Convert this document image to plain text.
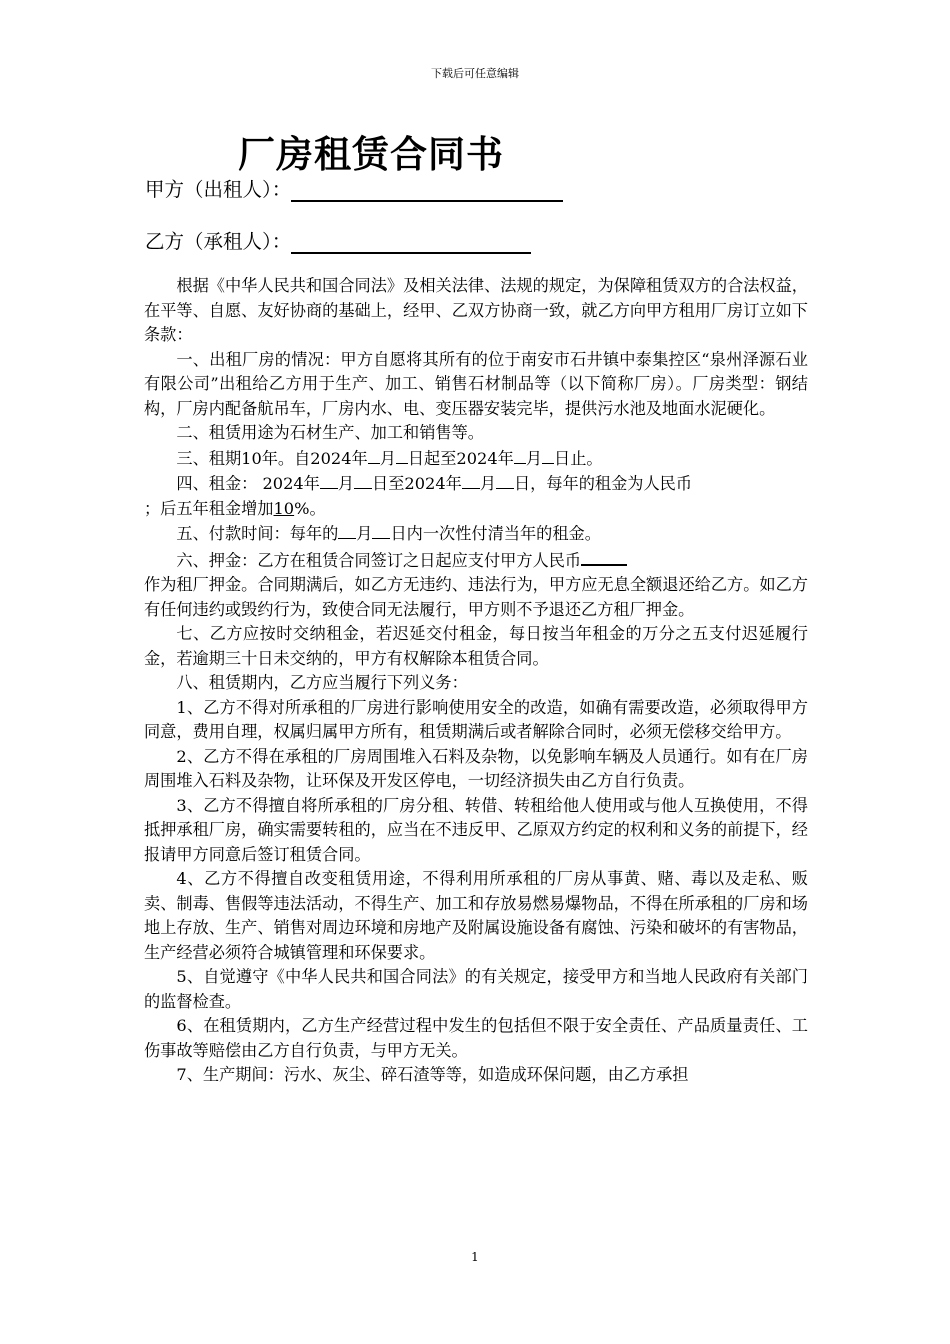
下载后可任意编辑
厂房租赁合同书
甲方（出租人）：
乙方（承租人）：

根据《中华人民共和国合同法》及相关法律、法规的规定，为保障租赁双方的合法权益，在平等、自愿、友好协商的基础上，经甲、乙双方协商一致，就乙方向甲方租用厂房订立如下条款：

一、出租厂房的情况：甲方自愿将其所有的位于南安市石井镇中泰集控区“泉州泽源石业有限公司”出租给乙方用于生产、加工、销售石材制品等（以下简称厂房）。厂房类型：钢结构，厂房内配备航吊车，厂房内水、电、变压器安装完毕，提供污水池及地面水泥硬化。

二、租赁用途为石材生产、加工和销售等。

三、租期10年。自2024年 月 日起至2024年 月 日止。

四、租金： 2024年 月 日至2024年 月 日，每年的租金为人民币
；后五年租金增加10%。

五、付款时间：每年的 月 日内一次性付清当年的租金。

六、押金：乙方在租赁合同签订之日起应支付甲方人民币

作为租厂押金。合同期满后，如乙方无违约、违法行为，甲方应无息全额退还给乙方。如乙方有任何违约或毁约行为，致使合同无法履行，甲方则不予退还乙方租厂押金。

七、乙方应按时交纳租金，若迟延交付租金，每日按当年租金的万分之五支付迟延履行金，若逾期三十日未交纳的，甲方有权解除本租赁合同。

八、租赁期内，乙方应当履行下列义务：

1、乙方不得对所承租的厂房进行影响使用安全的改造，如确有需要改造，必须取得甲方同意，费用自理，权属归属甲方所有，租赁期满后或者解除合同时，必须无偿移交给甲方。

2、乙方不得在承租的厂房周围堆入石料及杂物，以免影响车辆及人员通行。如有在厂房周围堆入石料及杂物，让环保及开发区停电，一切经济损失由乙方自行负责。

3、乙方不得擅自将所承租的厂房分租、转借、转租给他人使用或与他人互换使用，不得抵押承租厂房，确实需要转租的，应当在不违反甲、乙原双方约定的权利和义务的前提下，经报请甲方同意后签订租赁合同。

4、乙方不得擅自改变租赁用途，不得利用所承租的厂房从事黄、赌、毒以及走私、贩卖、制毒、售假等违法活动，不得生产、加工和存放易燃易爆物品，不得在所承租的厂房和场地上存放、生产、销售对周边环境和房地产及附属设施设备有腐蚀、污染和破坏的有害物品，生产经营必须符合城镇管理和环保要求。

5、自觉遵守《中华人民共和国合同法》的有关规定，接受甲方和当地人民政府有关部门的监督检查。

6、在租赁期内，乙方生产经营过程中发生的包括但不限于安全责任、产品质量责任、工伤事故等赔偿由乙方自行负责，与甲方无关。

7、生产期间：污水、灰尘、碎石渣等等，如造成环保问题，由乙方承担

1
